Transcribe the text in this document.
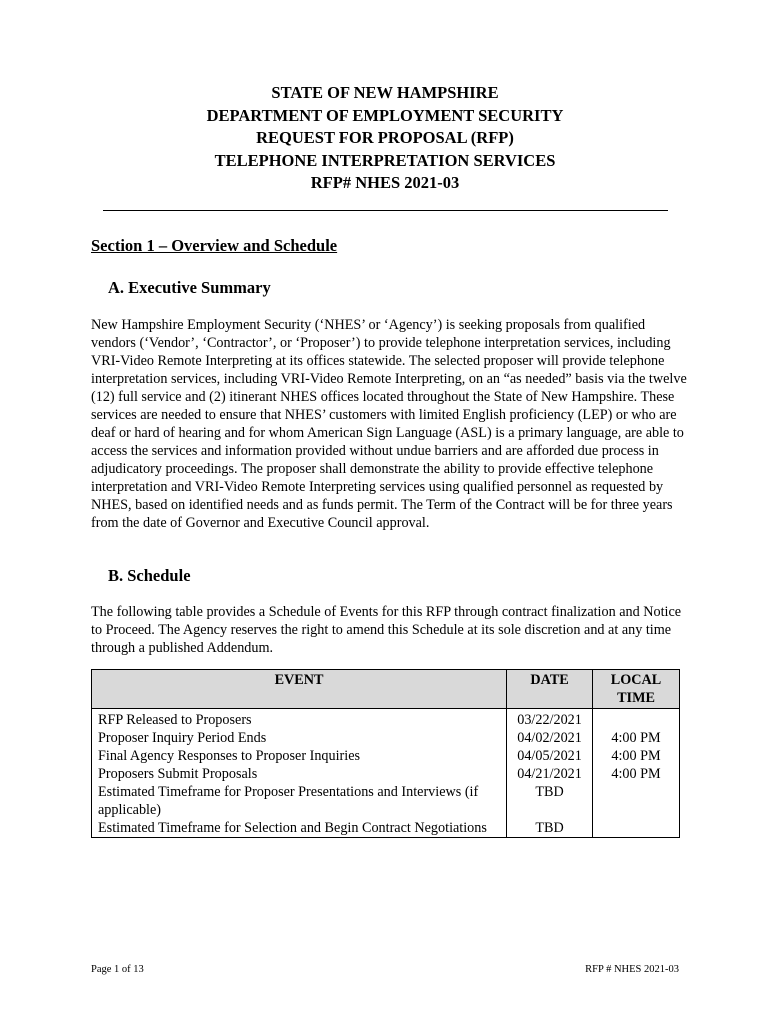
STATE OF NEW HAMPSHIRE
DEPARTMENT OF EMPLOYMENT SECURITY
REQUEST FOR PROPOSAL (RFP)
TELEPHONE INTERPRETATION SERVICES
RFP# NHES 2021-03
Section 1 – Overview and Schedule
A. Executive Summary
New Hampshire Employment Security (‘NHES’ or ‘Agency’) is seeking proposals from qualified vendors (‘Vendor’, ‘Contractor’, or ‘Proposer’) to provide telephone interpretation services, including VRI-Video Remote Interpreting at its offices statewide. The selected proposer will provide telephone interpretation services, including VRI-Video Remote Interpreting, on an “as needed” basis via the twelve (12) full service and (2) itinerant NHES offices located throughout the State of New Hampshire. These services are needed to ensure that NHES’ customers with limited English proficiency (LEP) or who are deaf or hard of hearing and for whom American Sign Language (ASL) is a primary language, are able to access the services and information provided without undue barriers and are afforded due process in adjudicatory proceedings. The proposer shall demonstrate the ability to provide effective telephone interpretation and VRI-Video Remote Interpreting services using qualified personnel as requested by NHES, based on identified needs and as funds permit. The Term of the Contract will be for three years from the date of Governor and Executive Council approval.
B. Schedule
The following table provides a Schedule of Events for this RFP through contract finalization and Notice to Proceed. The Agency reserves the right to amend this Schedule at its sole discretion and at any time through a published Addendum.
EVENT	DATE	LOCAL TIME
RFP Released to Proposers	03/22/2021	
Proposer Inquiry Period Ends	04/02/2021	4:00 PM
Final Agency Responses to Proposer Inquiries	04/05/2021	4:00 PM
Proposers Submit Proposals	04/21/2021	4:00 PM
Estimated Timeframe for Proposer Presentations and Interviews (if applicable)	TBD	
Estimated Timeframe for Selection and Begin Contract Negotiations	TBD	
Page 1 of 13	RFP # NHES 2021-03
